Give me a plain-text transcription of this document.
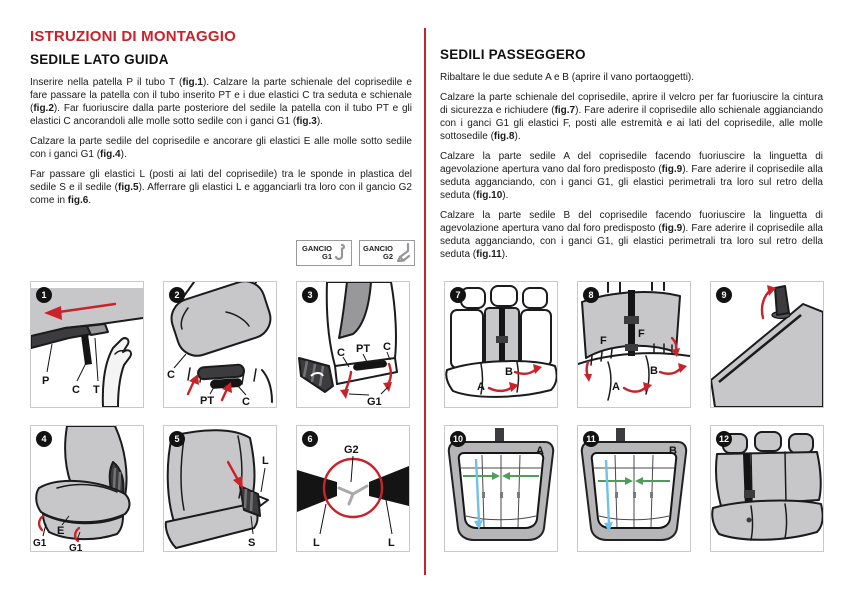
ISTRUZIONI DI MONTAGGIO
SEDILE LATO GUIDA

Inserire nella patella P il tubo T (fig.1). Calzare la parte schienale del coprisedile e fare passare la patella con il tubo inserito PT e i due elastici C tra seduta e schienale (fig.2). Far fuoriuscire dalla parte posteriore del sedile la patella con il tubo PT e gli elastici C ancorandoli alle molle sotto sedile con i ganci G1 (fig.3).

Calzare la parte sedile del coprisedile e ancorare gli elastici E alle molle sotto sedile con i ganci G1 (fig.4).

Far passare gli elastici L (posti ai lati del coprisedile) tra le sponde in plastica del sedile S e il sedile (fig.5). Afferrare gli elastici L e agganciarli tra loro con il gancio G2 come in fig.6.

GANCIO
G1
GANCIO
G2
SEDILI PASSEGGERO

Ribaltare le due sedute A e B (aprire il vano portaoggetti).

Calzare la parte schienale del coprisedile, aprire il velcro per far fuoriuscire la cintura di sicurezza e richiudere (fig.7). Fare aderire il coprisedile allo schienale aggianciando con i ganci G1 gli elastici F, posti alle estremità e ai lati del coprisedile, alle molle sottosedile (fig.8).

Calzare la parte sedile A del coprisedile facendo fuoriuscire la linguetta di agevolazione apertura vano dal foro predisposto (fig.9). Fare aderire il coprisedile alla seduta agganciando, con i ganci G1, gli elastici perimetrali tra loro sul retro della seduta (fig.10).

Calzare la parte sedile B del coprisedile facendo fuoriuscire la linguetta di agevolazione apertura vano dal foro predisposto (fig.9). Fare aderire il coprisedile alla seduta agganciando, con i ganci G1, gli elastici perimetrali tra loro sul retro della seduta (fig.11).

1
P
C T
2
C
PT	C
3
C PT C
G1
4
G1
E
G1
5
L
S
6
G2
L	L
7
A
B
8
F
F
A
B
9
10
A
11
B
12
